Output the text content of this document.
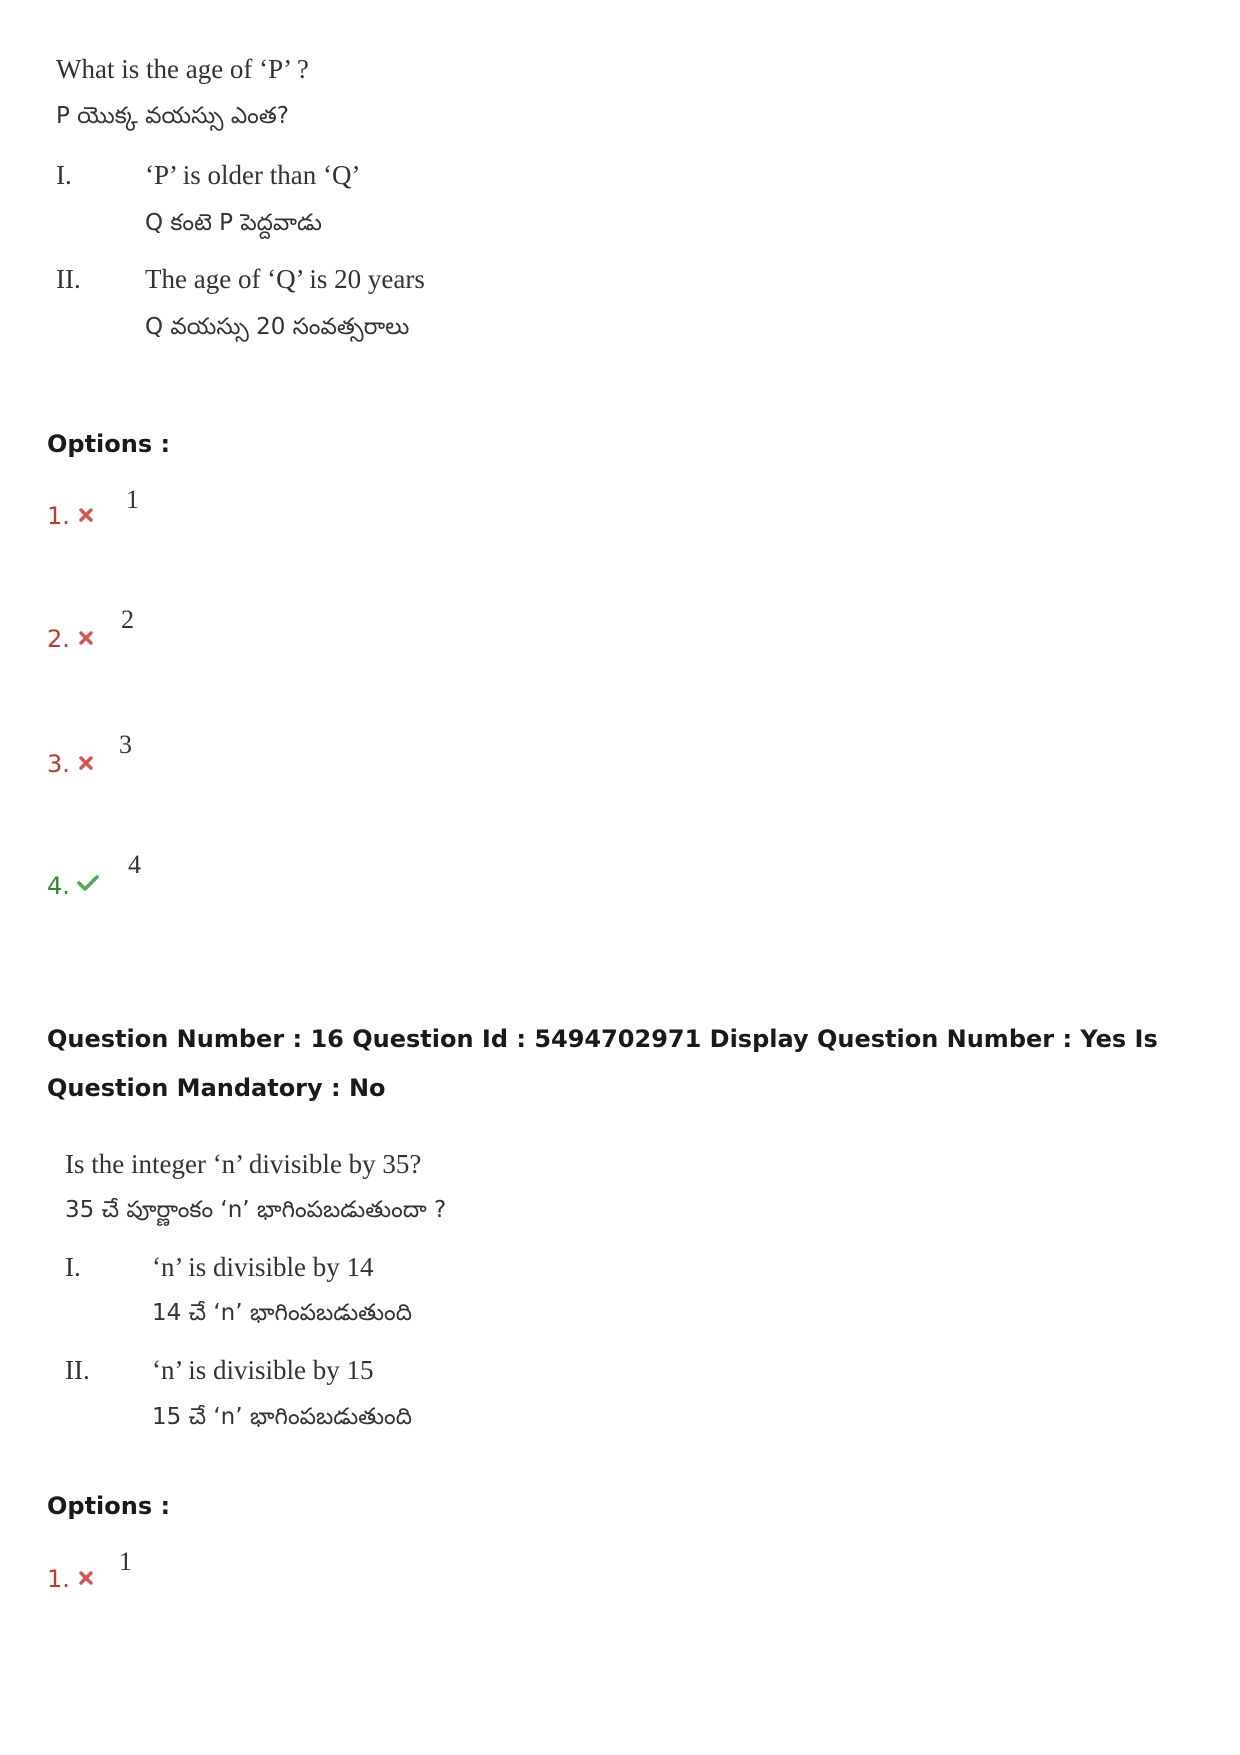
What is the age of ‘P’ ?
P యొక్క వయస్సు ఎంత?
I.	‘P’ is older than ‘Q’
Q కంటె P పెద్దవాడు
II. The age of ‘Q’ is 20 years
Q వయస్సు 20 సంవత్సరాలు
Options :
1.
1
2.
2
3.
3
4.
4
Question Number : 16 Question Id : 5494702971 Display Question Number : Yes Is Question Mandatory : No
Is the integer ‘n’ divisible by 35?
35 చే పూర్ణాంకం ‘n’ భాగింపబడుతుందా ?
I.	‘n’ is divisible by 14
14 చే ‘n’ భాగింపబడుతుంది
II. ‘n’ is divisible by 15
15 చే ‘n’ భాగింపబడుతుంది
Options :
1.
1
